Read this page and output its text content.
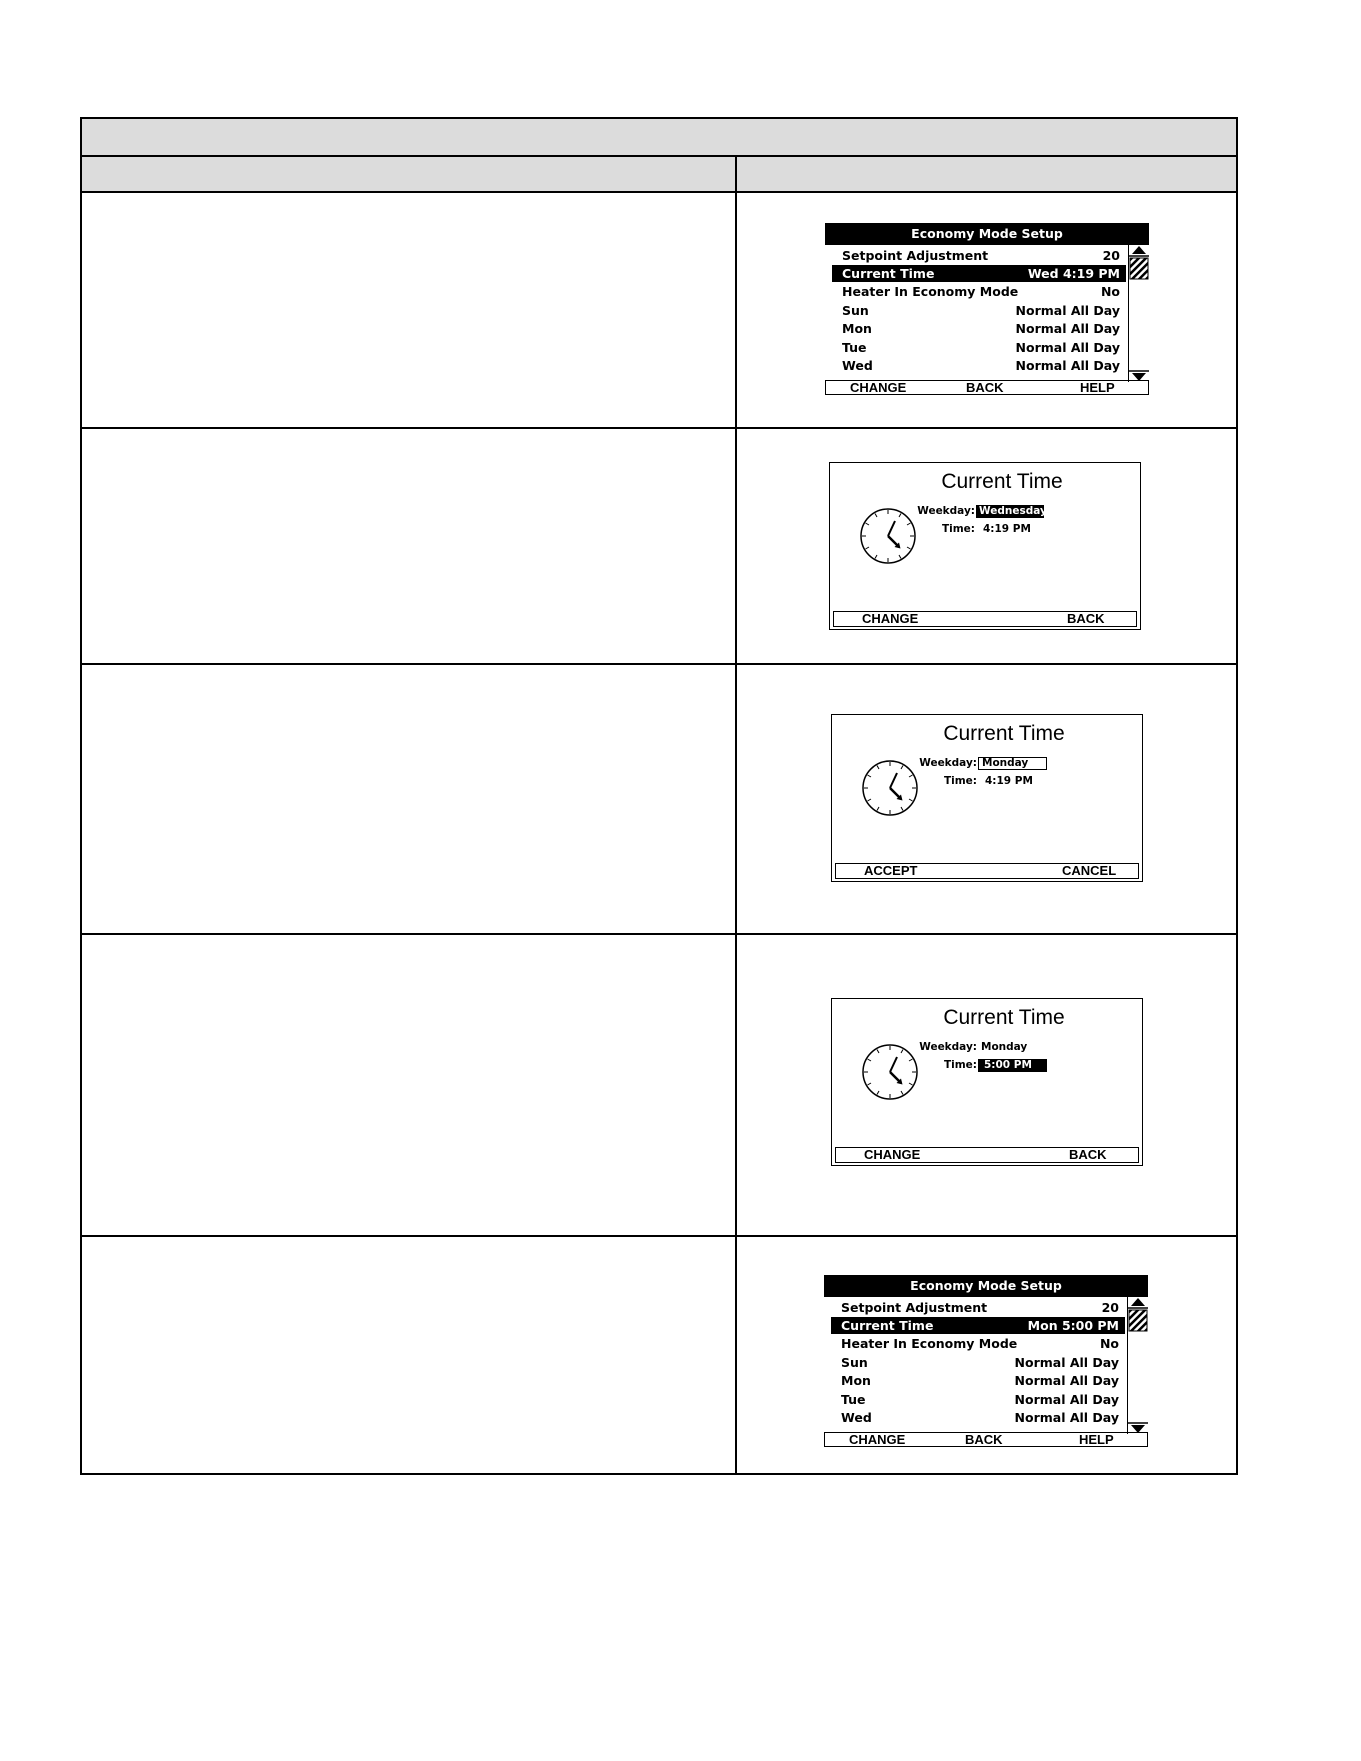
Economy Mode Setup
Setpoint Adjustment	20
Current Time	Wed 4:19 PM
Heater In Economy Mode	No
Sun	Normal All Day
Mon	Normal All Day
Tue	Normal All Day
Wed	Normal All Day
CHANGE	BACK	HELP
Current Time
Weekday: Wednesday
Time: 4:19 PM
CHANGE	BACK
Current Time
Weekday: Monday
Time: 4:19 PM
ACCEPT	CANCEL
Current Time
Weekday: Monday
Time: 5:00 PM
CHANGE	BACK
Economy Mode Setup
Setpoint Adjustment	20
Current Time	Mon 5:00 PM
Heater In Economy Mode	No
Sun	Normal All Day
Mon	Normal All Day
Tue	Normal All Day
Wed	Normal All Day
CHANGE	BACK	HELP
